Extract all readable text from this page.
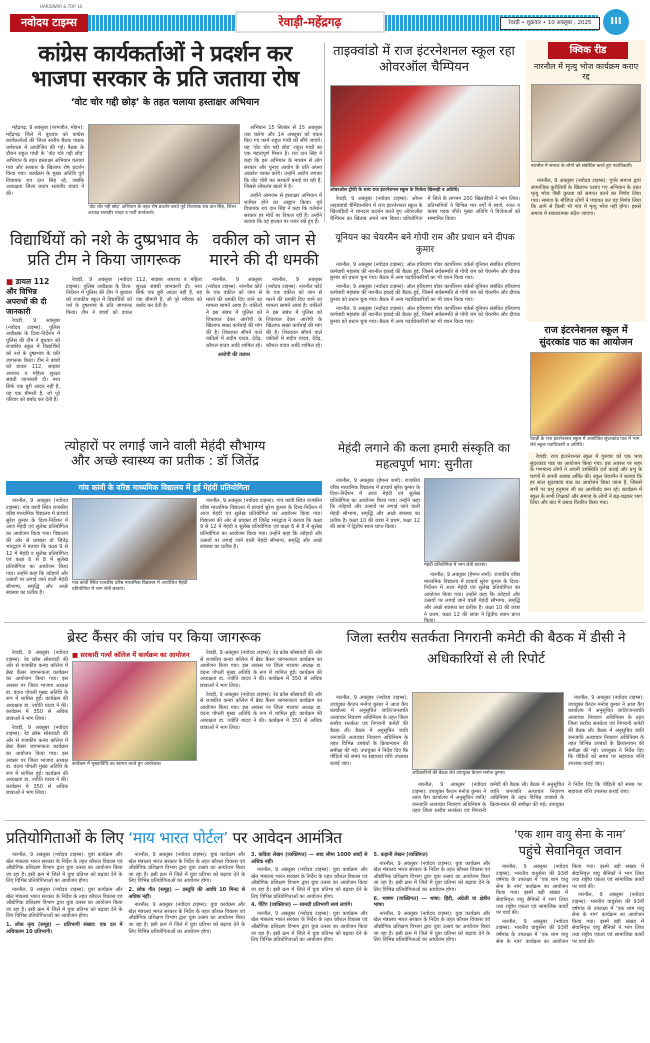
HARIDWAR & TOP 10
नवोदय टाइम्स	रेवाड़ी-महेंद्रगढ़	रेवाड़ी • शुक्रवार • 10 अक्तूबर , 2025	III
कांग्रेस कार्यकर्ताओं ने प्रदर्शन कर
भाजपा सरकार के प्रति जताया रोष
‘वोट चोर गद्दी छोड़’ के तहत चलाया हस्ताक्षर अभियान

महेंद्रगढ़, 9 अक्तूबर (परमजीत, मोहन): महेंद्रगढ़ जिले में बुधवार को कांग्रेस कार्यकर्ताओं की जिला स्तरीय बैठक पाठक धर्मशाला में आयोजित की गई। बैठक के दौरान राहुल गांधी के ‘वोट चोर गद्दी छोड़’ अभियान के तहत हस्ताक्षर अभियान चलाया गया और सरकार के खिलाफ रोष प्रदर्शन किया गया। कार्यक्रम के मुख्य अतिथि पूर्व विधायक राव दान सिंह रहे, जबकि अध्यक्षता जिला प्रधान सत्यवीर यादव ने की।

‘वोट चोर गद्दी छोड़’ अभियान के तहत रोष प्रदर्शन करते पूर्व विधायक राव दान सिंह, जिला अध्यक्ष सत्यवीर यादव व पार्टी कार्यकर्ता।

अभियान 15 सितंबर से 15 अक्तूबर तक चलेगा और 14 अक्तूबर को एकत्र किए गए फार्म राहुल गांधी को सौंपे जाएंगे। यह ‘वोट चोर गद्दी छोड़’ राहुल गांधी का एक महत्वपूर्ण मिशन है। राव दान सिंह ने कहा कि इस अभियान के माध्यम से लोग सरकार और चुनाव आयोग के प्रति अपना आक्रोश व्यक्त करेंगे। उन्होंने आरोप लगाया कि वोट चोरी कर सरकारें बनाई जा रही हैं, जिससे लोकतंत्र खतरे में है।

उन्होंने आमजन से हस्ताक्षर अभियान में शामिल होने का आह्वान किया। पूर्व विधायक राव दान सिंह ने कहा कि वर्तमान सरकार हर मोर्चे पर विफल रही है। उन्होंने बताया कि वह हालात पर नजर रखे हुए हैं।

ताइक्वांडो में राज इंटरनेशनल स्कूल रहा ओवरऑल चैम्पियन
ओवरऑल ट्रॉफी के साथ राज इंटरनेशनल स्कूल के विजेता खिलाड़ी व अतिथि।

रेवाड़ी, 9 अक्तूबर (नवोदय टाइम्स): ओपन ताइक्वांडो चैम्पियनशिप में राज इंटरनेशनल स्कूल के खिलाड़ियों ने शानदार प्रदर्शन करते हुए ओवरऑल चैम्पियन का खिताब अपने नाम किया। प्रतियोगिता में जिले के लगभग 200 खिलाड़ियों ने भाग लिया। प्रतिभागियों ने विभिन्न भार वर्गों में स्वर्ण, रजत व कांस्य पदक जीते। मुख्य अतिथि ने विजेताओं को सम्मानित किया।

क्विक रीड
नारनौल में मृत्यु भोज कार्यक्रम कराए रद्द
नारनौल में समाज के लोगों को संबोधित करते हुए पदाधिकारी।

नारनौल, 9 अक्तूबर (नवोदय टाइम्स): गुर्जर समाज द्वारा सामाजिक कुरीतियों के खिलाफ चलाए गए अभियान के तहत मृत्यु भोज जैसी कुप्रथा को समाप्त करने का निर्णय लिया गया। समाज के मौजिज लोगों ने पंचायत कर यह निर्णय लिया कि आगे से किसी भी गांव में मृत्यु भोज नहीं होगा। इससे समाज में सकारात्मक संदेश जाएगा।

राज इंटरनेशनल स्कूल में सुंदरकांड पाठ का आयोजन
रेवाड़ी के राज इंटरनेशनल स्कूल में आयोजित सुंदरकांड पाठ में भाग लेते स्कूल पदाधिकारी व अतिथि।

रेवाड़ी: राज इंटरनेशनल स्कूल में गुरुवार को एक भव्य सुंदरकांड पाठ का आयोजन किया गया। इस अवसर पर शहर के गणमान्य लोगों ने अपनी उपस्थिति दर्ज कराई और प्रभु के चरणों में अपनी आस्था अर्पित की। स्कूल चेयरमैन ने बताया कि हर साल सुंदरकांड पाठ का आयोजन किया जाता है, जिससे सभी पर प्रभु हनुमान जी का आशीर्वाद बना रहे। कार्यक्रम में स्कूल के सभी शिक्षकों और समाज के लोगों ने बढ़-चढ़कर भाग लिया और बाद में प्रसाद वितरित किया गया।

विद्यार्थियों को नशे के दुष्प्रभाव के प्रति टीम ने किया जागरूक
■ डायल 112 और विभिन्न अपराधों की दी जानकारी

रेवाड़ी, 9 अक्तूबर (नवोदय टाइम्स): पुलिस अधीक्षक के दिशा-निर्देशन में पुलिस की टीम ने बुधवार को राजकीय स्कूल में विद्यार्थियों को नशे के दुष्प्रभाव के प्रति जागरूक किया। टीम ने बच्चों को डायल 112, साइबर अपराध व महिला सुरक्षा संबंधी जानकारी दी। नशा सिर्फ एक बुरी आदत नहीं है, यह एक बीमारी है, जो पूरे परिवार को बर्बाद कर देती है।

रेवाड़ी, 9 अक्तूबर (नवोदय टाइम्स): पुलिस अधीक्षक के दिशा-निर्देशन में पुलिस की टीम ने बुधवार को राजकीय स्कूल में विद्यार्थियों को नशे के दुष्प्रभाव के प्रति जागरूक किया। टीम ने बच्चों को डायल 112, साइबर अपराध व महिला सुरक्षा संबंधी जानकारी दी। नशा सिर्फ एक बुरी आदत नहीं है, यह एक बीमारी है, जो पूरे परिवार को बर्बाद कर देती है।

वकील को जान से मारने की दी धमकी

नारनौल, 9 अक्तूबर (नवोदय टाइम्स): नारनौल कोर्ट के एक वकील को जान से मारने की धमकी दिए जाने का मामला सामने आया है। वकीलों ने इस संबंध में पुलिस को शिकायत देकर आरोपी के खिलाफ सख्त कार्रवाई की मांग की है। शिकायत सौंपने वाले वकीलों में संदीप यादव, देवेंद्र, कौशल यादव आदि शामिल रहे।

आरोपी की तलाश

नारनौल, 9 अक्तूबर (नवोदय टाइम्स): नारनौल कोर्ट के एक वकील को जान से मारने की धमकी दिए जाने का मामला सामने आया है। वकीलों ने इस संबंध में पुलिस को शिकायत देकर आरोपी के खिलाफ सख्त कार्रवाई की मांग की है। शिकायत सौंपने वाले वकीलों में संदीप यादव, देवेंद्र, कौशल यादव आदि शामिल रहे।

यूनियन का चेयरमैन बने गोपी राम और प्रधान बने दीपक कुमार

नारनौल, 9 अक्तूबर (नवोदय टाइम्स): ऑल हरियाणा पॉवर कार्पोरेशन वर्कर्स यूनियन संबंधित हरियाणा कर्मचारी महासंघ की नारनौल इकाई की बैठक हुई, जिसमें सर्वसम्मति से गोपी राम को चेयरमैन और दीपक कुमार को प्रधान चुना गया। बैठक में अन्य पदाधिकारियों का भी चयन किया गया।

नारनौल, 9 अक्तूबर (नवोदय टाइम्स): ऑल हरियाणा पॉवर कार्पोरेशन वर्कर्स यूनियन संबंधित हरियाणा कर्मचारी महासंघ की नारनौल इकाई की बैठक हुई, जिसमें सर्वसम्मति से गोपी राम को चेयरमैन और दीपक कुमार को प्रधान चुना गया। बैठक में अन्य पदाधिकारियों का भी चयन किया गया।

नारनौल, 9 अक्तूबर (नवोदय टाइम्स): ऑल हरियाणा पॉवर कार्पोरेशन वर्कर्स यूनियन संबंधित हरियाणा कर्मचारी महासंघ की नारनौल इकाई की बैठक हुई, जिसमें सर्वसम्मति से गोपी राम को चेयरमैन और दीपक कुमार को प्रधान चुना गया। बैठक में अन्य पदाधिकारियों का भी चयन किया गया।

त्योहारों पर लगाई जाने वाली मेहंदी सौभाग्य
और अच्छे स्वास्थ्य का प्रतीक : डॉ जितेंद्र
गांव कांवी के वरिष्ठ माध्यमिक विद्यालय में हुई मेहंदी प्रतियोगिता

नारनौल, 9 अक्तूबर (नवोदय टाइम्स): गांव कांवी स्थित राजकीय वरिष्ठ माध्यमिक विद्यालय में प्राचार्य सुरेश कुमार के दिशा-निर्देशन में आज मेहंदी एवं सुलेख प्रतियोगिता का आयोजन किया गया। विद्यालय की ओर से प्रवक्ता डॉ जितेंद्र भारद्वाज ने बताया कि कक्षा 9 से 12 में मेहंदी व सुलेख प्रतियोगिता एवं कक्षा 6 से 8 में सुलेख प्रतियोगिता का आयोजन किया गया। उन्होंने कहा कि त्योहारों और उत्सवों पर लगाई जाने वाली मेहंदी सौभाग्य, समृद्धि और अच्छे स्वास्थ्य का प्रतीक है।

गांव कांवी स्थित राजकीय वरिष्ठ माध्यमिक विद्यालय में आयोजित मेहंदी प्रतियोगिता में भाग लेती छात्राएं।

नारनौल, 9 अक्तूबर (नवोदय टाइम्स): गांव कांवी स्थित राजकीय वरिष्ठ माध्यमिक विद्यालय में प्राचार्य सुरेश कुमार के दिशा-निर्देशन में आज मेहंदी एवं सुलेख प्रतियोगिता का आयोजन किया गया। विद्यालय की ओर से प्रवक्ता डॉ जितेंद्र भारद्वाज ने बताया कि कक्षा 9 से 12 में मेहंदी व सुलेख प्रतियोगिता एवं कक्षा 6 से 8 में सुलेख प्रतियोगिता का आयोजन किया गया। उन्होंने कहा कि त्योहारों और उत्सवों पर लगाई जाने वाली मेहंदी सौभाग्य, समृद्धि और अच्छे स्वास्थ्य का प्रतीक है।

मेहंदी लगाने की कला हमारी संस्कृति का महत्वपूर्ण भाग: सुनीता

नारनौल, 9 अक्तूबर (हेमन्त शर्मा): राजकीय वरिष्ठ माध्यमिक विद्यालय में प्राचार्य सुरेश कुमार के दिशा-निर्देशन में आज मेहंदी एवं सुलेख प्रतियोगिता का आयोजन किया गया। उन्होंने कहा कि त्योहारों और उत्सवों पर लगाई जाने वाली मेहंदी सौभाग्य, समृद्धि और अच्छे स्वास्थ्य का प्रतीक है। कक्षा 10 की छात्रा ने प्रथम, कक्षा 12 की छात्रा ने द्वितीय स्थान प्राप्त किया।

मेहंदी प्रतियोगिता में भाग लेती छात्राएं।

नारनौल, 9 अक्तूबर (हेमन्त शर्मा): राजकीय वरिष्ठ माध्यमिक विद्यालय में प्राचार्य सुरेश कुमार के दिशा-निर्देशन में आज मेहंदी एवं सुलेख प्रतियोगिता का आयोजन किया गया। उन्होंने कहा कि त्योहारों और उत्सवों पर लगाई जाने वाली मेहंदी सौभाग्य, समृद्धि और अच्छे स्वास्थ्य का प्रतीक है। कक्षा 10 की छात्रा ने प्रथम, कक्षा 12 की छात्रा ने द्वितीय स्थान प्राप्त

ब्रेस्ट कैंसर की जांच पर किया जागरूक

रेवाड़ी, 9 अक्तूबर (नवोदय टाइम्स): रेड क्रॉस सोसायटी की ओर से राजकीय कन्या कॉलेज में ब्रेस्ट कैंसर जागरूकता कार्यक्रम का आयोजन किया गया। इस अवसर पर जिला भाजपा अध्यक्ष डा. वंदना पोपली मुख्य अतिथि के रूप में शामिल हुईं। कार्यक्रम की अध्यक्षता डा. ज्योति यादव ने की। कार्यक्रम में 350 से अधिक छात्राओं ने भाग लिया।

रेवाड़ी, 9 अक्तूबर (नवोदय टाइम्स): रेड क्रॉस सोसायटी की ओर से राजकीय कन्या कॉलेज में ब्रेस्ट कैंसर जागरूकता कार्यक्रम का आयोजन किया गया। इस अवसर पर जिला भाजपा अध्यक्ष डा. वंदना पोपली मुख्य अतिथि के रूप में शामिल हुईं। कार्यक्रम की अध्यक्षता डा. ज्योति यादव ने की। कार्यक्रम में 350 से अधिक छात्राओं ने भाग लिया।

■ सरकारी गर्ल्स कॉलेज में कार्यक्रम का आयोजन
कार्यक्रम में मुख्यातिथि का स्वागत करते हुए आयोजक।

रेवाड़ी, 9 अक्तूबर (नवोदय टाइम्स): रेड क्रॉस सोसायटी की ओर से राजकीय कन्या कॉलेज में ब्रेस्ट कैंसर जागरूकता कार्यक्रम का आयोजन किया गया। इस अवसर पर जिला भाजपा अध्यक्ष डा. वंदना पोपली मुख्य अतिथि के रूप में शामिल हुईं। कार्यक्रम की अध्यक्षता डा. ज्योति यादव ने की। कार्यक्रम में 350 से अधिक छात्राओं ने भाग लिया।

रेवाड़ी, 9 अक्तूबर (नवोदय टाइम्स): रेड क्रॉस सोसायटी की ओर से राजकीय कन्या कॉलेज में ब्रेस्ट कैंसर जागरूकता कार्यक्रम का आयोजन किया गया। इस अवसर पर जिला भाजपा अध्यक्ष डा. वंदना पोपली मुख्य अतिथि के रूप में शामिल हुईं। कार्यक्रम की अध्यक्षता डा. ज्योति यादव ने की। कार्यक्रम में 350 से अधिक छात्राओं ने भाग लिया।

जिला स्तरीय सतर्कता निगरानी कमेटी की बैठक में डीसी ने अधिकारियों से ली रिपोर्ट

नारनौल, 9 अक्तूबर (नवोदय टाइम्स): उपायुक्त कैप्टन मनोज कुमार ने आज कैंप कार्यालय में अनुसूचित जाति/जनजाति अत्याचार निवारण अधिनियम के तहत जिला स्तरीय सतर्कता एवं निगरानी कमेटी की बैठक ली। बैठक में अनुसूचित जाति जनजाति अत्याचार निवारण अधिनियम के तहत विभिन्न उपबंधों के क्रियान्वयन की समीक्षा की गई। उपायुक्त ने निर्देश दिए कि पीड़ितों को समय पर सहायता राशि उपलब्ध कराई जाए।

अधिकारियों की बैठक लेते उपायुक्त कैप्टन मनोज कुमार।

नारनौल, 9 अक्तूबर (नवोदय टाइम्स): उपायुक्त कैप्टन मनोज कुमार ने आज कैंप कार्यालय में अनुसूचित जाति/जनजाति अत्याचार निवारण अधिनियम के तहत जिला स्तरीय सतर्कता एवं निगरानी कमेटी की बैठक ली। बैठक में अनुसूचित जाति जनजाति अत्याचार निवारण अधिनियम के तहत विभिन्न उपबंधों के क्रियान्वयन की समीक्षा की गई। उपायुक्त ने निर्देश दिए कि पीड़ितों को समय पर सहायता राशि उपलब्ध कराई जाए।

नारनौल, 9 अक्तूबर (नवोदय टाइम्स): उपायुक्त कैप्टन मनोज कुमार ने आज कैंप कार्यालय में अनुसूचित जाति/जनजाति अत्याचार निवारण अधिनियम के तहत जिला स्तरीय सतर्कता एवं निगरानी कमेटी की बैठक ली। बैठक में अनुसूचित जाति जनजाति अत्याचार निवारण अधिनियम के तहत विभिन्न उपबंधों के क्रियान्वयन की समीक्षा की गई। उपायुक्त ने निर्देश दिए कि पीड़ितों को समय पर सहायता राशि उपलब्ध कराई जाए।

प्रतियोगिताओं के लिए ‘माय भारत पोर्टल’ पर आवेदन आमंत्रित

नारनौल, 9 अक्तूबर (नवोदय टाइम्स): युवा कार्यक्रम और खेल मंत्रालय भारत सरकार के निर्देश के तहत कौशल विकास एवं औद्योगिक प्रशिक्षण विभाग द्वारा युवा उत्सव का आयोजन किया जा रहा है। इसी क्रम में जिले में युवा प्रतिभा को बढ़ावा देने के लिए विभिन्न प्रतियोगिताओं का आयोजन होगा।

नारनौल, 9 अक्तूबर (नवोदय टाइम्स): युवा कार्यक्रम और खेल मंत्रालय भारत सरकार के निर्देश के तहत कौशल विकास एवं औद्योगिक प्रशिक्षण विभाग द्वारा युवा उत्सव का आयोजन किया जा रहा है। इसी क्रम में जिले में युवा प्रतिभा को बढ़ावा देने के लिए विभिन्न प्रतियोगिताओं का आयोजन होगा।

1. लोक नृत्य (समूह) — प्रतिभागी संख्या: एक दल में अधिकतम 10 प्रतिभागी।

नारनौल, 9 अक्तूबर (नवोदय टाइम्स): युवा कार्यक्रम और खेल मंत्रालय भारत सरकार के निर्देश के तहत कौशल विकास एवं औद्योगिक प्रशिक्षण विभाग द्वारा युवा उत्सव का आयोजन किया जा रहा है। इसी क्रम में जिले में युवा प्रतिभा को बढ़ावा देने के लिए विभिन्न प्रतियोगिताओं का आयोजन होगा।

2. लोक गीत (समूह) — प्रस्तुति की अवधि 10 मिनट से अधिक नहीं।

नारनौल, 9 अक्तूबर (नवोदय टाइम्स): युवा कार्यक्रम और खेल मंत्रालय भारत सरकार के निर्देश के तहत कौशल विकास एवं औद्योगिक प्रशिक्षण विभाग द्वारा युवा उत्सव का आयोजन किया जा रहा है। इसी क्रम में जिले में युवा प्रतिभा को बढ़ावा देने के लिए विभिन्न प्रतियोगिताओं का आयोजन होगा।

3. कविता लेखन (व्यक्तिगत) — शब्द सीमा 1000 शब्दों से अधिक नहीं।

नारनौल, 9 अक्तूबर (नवोदय टाइम्स): युवा कार्यक्रम और खेल मंत्रालय भारत सरकार के निर्देश के तहत कौशल विकास एवं औद्योगिक प्रशिक्षण विभाग द्वारा युवा उत्सव का आयोजन किया जा रहा है। इसी क्रम में जिले में युवा प्रतिभा को बढ़ावा देने के लिए विभिन्न प्रतियोगिताओं का आयोजन होगा।

4. पेंटिंग (व्यक्तिगत) — सामग्री प्रतिभागी स्वयं लाएंगे।

नारनौल, 9 अक्तूबर (नवोदय टाइम्स): युवा कार्यक्रम और खेल मंत्रालय भारत सरकार के निर्देश के तहत कौशल विकास एवं औद्योगिक प्रशिक्षण विभाग द्वारा युवा उत्सव का आयोजन किया जा रहा है। इसी क्रम में जिले में युवा प्रतिभा को बढ़ावा देने के लिए विभिन्न प्रतियोगिताओं का आयोजन होगा।

5. कहानी लेखन (व्यक्तिगत)

नारनौल, 9 अक्तूबर (नवोदय टाइम्स): युवा कार्यक्रम और खेल मंत्रालय भारत सरकार के निर्देश के तहत कौशल विकास एवं औद्योगिक प्रशिक्षण विभाग द्वारा युवा उत्सव का आयोजन किया जा रहा है। इसी क्रम में जिले में युवा प्रतिभा को बढ़ावा देने के लिए विभिन्न प्रतियोगिताओं का आयोजन होगा।

6. भाषण (व्यक्तिगत) — भाषा: हिंदी, अंग्रेजी या क्षेत्रीय भाषा।

नारनौल, 9 अक्तूबर (नवोदय टाइम्स): युवा कार्यक्रम और खेल मंत्रालय भारत सरकार के निर्देश के तहत कौशल विकास एवं औद्योगिक प्रशिक्षण विभाग द्वारा युवा उत्सव का आयोजन किया जा रहा है। इसी क्रम में जिले में युवा प्रतिभा को बढ़ावा देने के लिए विभिन्न प्रतियोगिताओं का आयोजन होगा।

‘एक शाम वायु सेना के नाम’
पहुंचे सेवानिवृत जवान

नारनौल, 9 अक्तूबर (नवोदय टाइम्स): भारतीय वायुसेना की 93वीं वर्षगांठ के उपलक्ष्य में ‘एक शाम वायु सेना के नाम’ कार्यक्रम का आयोजन किया गया। इसमें बड़ी संख्या में सेवानिवृत्त वायु सैनिकों ने भाग लिया तथा राष्ट्रीय एकता एवं सामाजिक कार्यों पर चर्चा की।

नारनौल, 9 अक्तूबर (नवोदय टाइम्स): भारतीय वायुसेना की 93वीं वर्षगांठ के उपलक्ष्य में ‘एक शाम वायु सेना के नाम’ कार्यक्रम का आयोजन किया गया। इसमें बड़ी संख्या में सेवानिवृत्त वायु सैनिकों ने भाग लिया तथा राष्ट्रीय एकता एवं सामाजिक कार्यों पर चर्चा की।

नारनौल, 9 अक्तूबर (नवोदय टाइम्स): भारतीय वायुसेना की 93वीं वर्षगांठ के उपलक्ष्य में ‘एक शाम वायु सेना के नाम’ कार्यक्रम का आयोजन किया गया। इसमें बड़ी संख्या में सेवानिवृत्त वायु सैनिकों ने भाग लिया तथा राष्ट्रीय एकता एवं सामाजिक कार्यों पर चर्चा की।
